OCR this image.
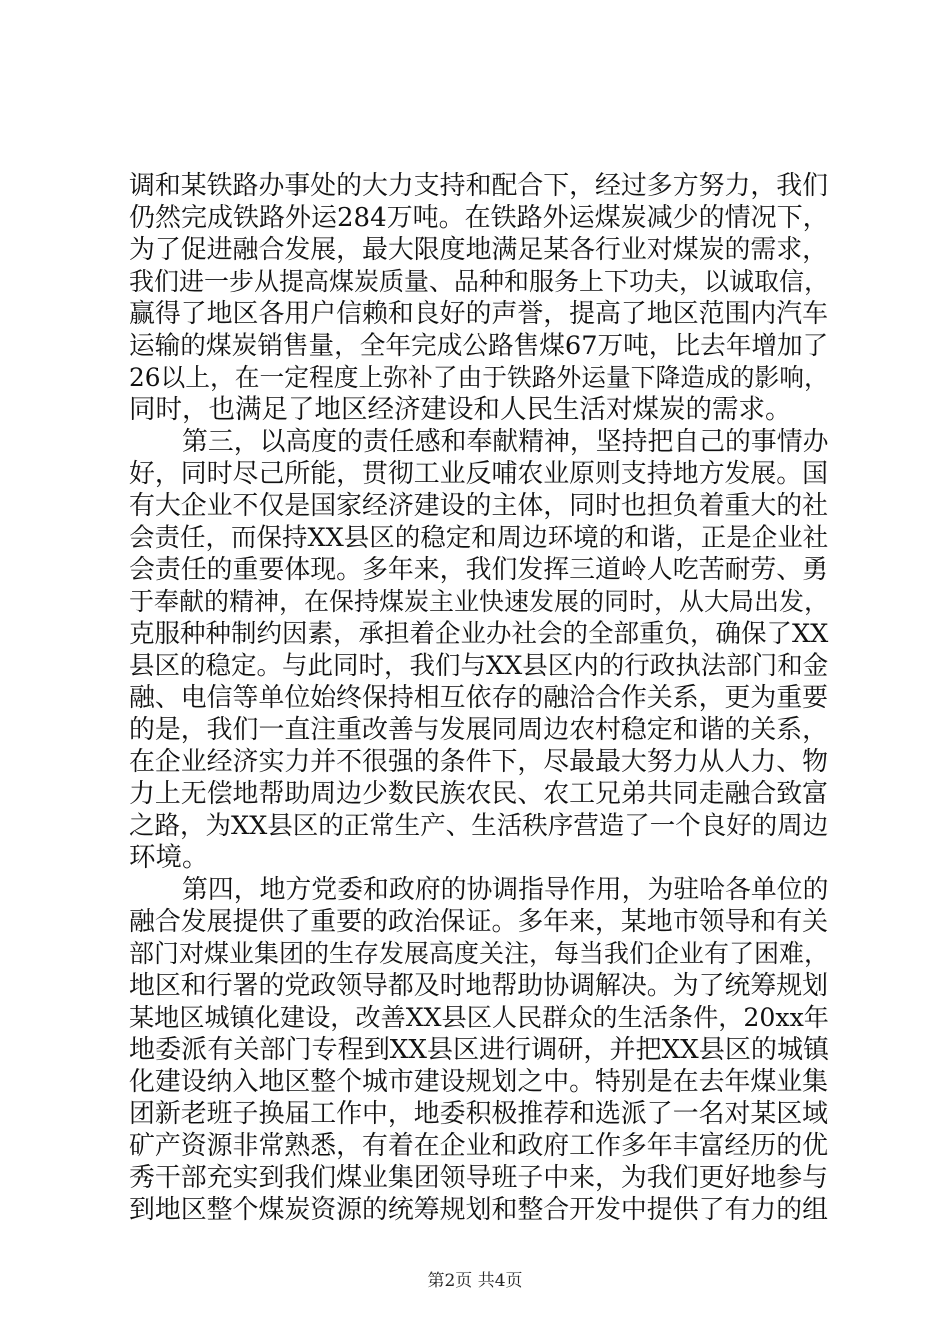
调和某铁路办事处的大力支持和配合下，经过多方努力，我们
仍然完成铁路外运284万吨。在铁路外运煤炭减少的情况下，
为了促进融合发展，最大限度地满足某各行业对煤炭的需求，
我们进一步从提高煤炭质量、品种和服务上下功夫，以诚取信，
赢得了地区各用户信赖和良好的声誉，提高了地区范围内汽车
运输的煤炭销售量，全年完成公路售煤67万吨，比去年增加了
26以上，在一定程度上弥补了由于铁路外运量下降造成的影响，
同时，也满足了地区经济建设和人民生活对煤炭的需求。
第三，以高度的责任感和奉献精神，坚持把自己的事情办
好，同时尽己所能，贯彻工业反哺农业原则支持地方发展。国
有大企业不仅是国家经济建设的主体，同时也担负着重大的社
会责任，而保持XX县区的稳定和周边环境的和谐，正是企业社
会责任的重要体现。多年来，我们发挥三道岭人吃苦耐劳、勇
于奉献的精神，在保持煤炭主业快速发展的同时，从大局出发，
克服种种制约因素，承担着企业办社会的全部重负，确保了XX
县区的稳定。与此同时，我们与XX县区内的行政执法部门和金
融、电信等单位始终保持相互依存的融洽合作关系，更为重要
的是，我们一直注重改善与发展同周边农村稳定和谐的关系，
在企业经济实力并不很强的条件下，尽最最大努力从人力、物
力上无偿地帮助周边少数民族农民、农工兄弟共同走融合致富
之路，为XX县区的正常生产、生活秩序营造了一个良好的周边
环境。
第四，地方党委和政府的协调指导作用，为驻哈各单位的
融合发展提供了重要的政治保证。多年来，某地市领导和有关
部门对煤业集团的生存发展高度关注，每当我们企业有了困难，
地区和行署的党政领导都及时地帮助协调解决。为了统筹规划
某地区城镇化建设，改善XX县区人民群众的生活条件，20xx年
地委派有关部门专程到XX县区进行调研，并把XX县区的城镇
化建设纳入地区整个城市建设规划之中。特别是在去年煤业集
团新老班子换届工作中，地委积极推荐和选派了一名对某区域
矿产资源非常熟悉，有着在企业和政府工作多年丰富经历的优
秀干部充实到我们煤业集团领导班子中来，为我们更好地参与
到地区整个煤炭资源的统筹规划和整合开发中提供了有力的组
第2页 共4页
